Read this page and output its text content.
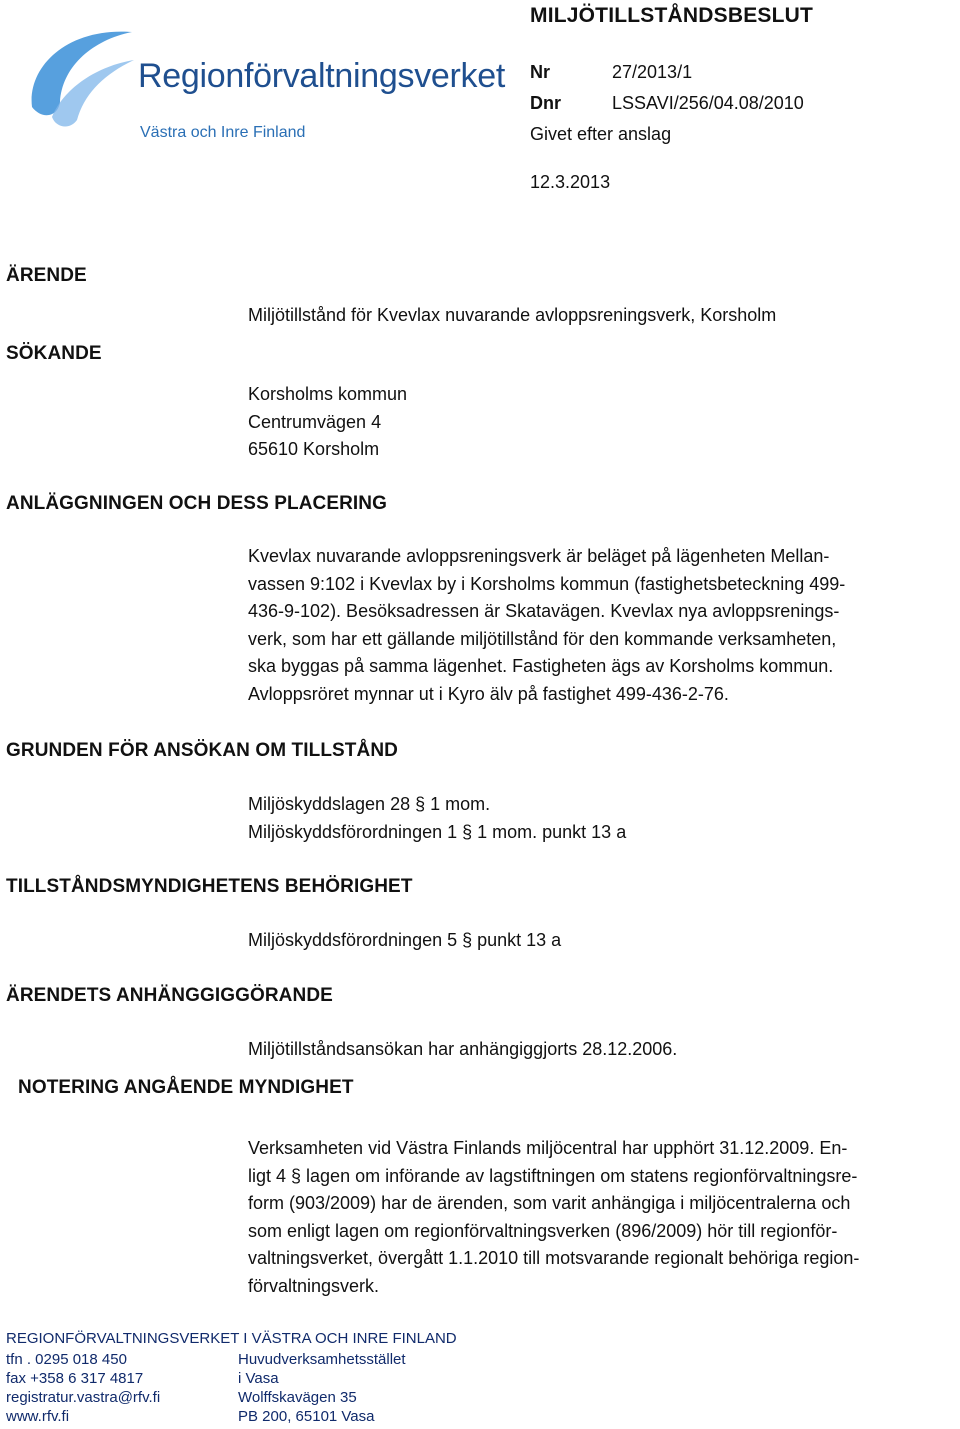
Regionförvaltningsverket
Västra och Inre Finland
MILJÖTILLSTÅNDSBESLUT
Nr	27/2013/1
Dnr	LSSAVI/256/04.08/2010
Givet efter anslag
12.3.2013
ÄRENDE
Miljötillstånd för Kvevlax nuvarande avloppsreningsverk, Korsholm
SÖKANDE
Korsholms kommun
Centrumvägen 4
65610 Korsholm
ANLÄGGNINGEN OCH DESS PLACERING
Kvevlax nuvarande avloppsreningsverk är beläget på lägenheten Mellan-
vassen 9:102 i Kvevlax by i Korsholms kommun (fastighetsbeteckning 499-
436-9-102). Besöksadressen är Skatavägen. Kvevlax nya avloppsrenings-
verk, som har ett gällande miljötillstånd för den kommande verksamheten,
ska byggas på samma lägenhet. Fastigheten ägs av Korsholms kommun.
Avloppsröret mynnar ut i Kyro älv på fastighet 499-436-2-76.
GRUNDEN FÖR ANSÖKAN OM TILLSTÅND
Miljöskyddslagen 28 § 1 mom.
Miljöskyddsförordningen 1 § 1 mom. punkt 13 a
TILLSTÅNDSMYNDIGHETENS BEHÖRIGHET
Miljöskyddsförordningen 5 § punkt 13 a
ÄRENDETS ANHÄNGGIGGÖRANDE
Miljötillståndsansökan har anhängiggjorts 28.12.2006.
NOTERING ANGÅENDE MYNDIGHET
Verksamheten vid Västra Finlands miljöcentral har upphört 31.12.2009. En-
ligt 4 § lagen om införande av lagstiftningen om statens regionförvaltningsre-
form (903/2009) har de ärenden, som varit anhängiga i miljöcentralerna och
som enligt lagen om regionförvaltningsverken (896/2009) hör till regionför-
valtningsverket, övergått 1.1.2010 till motsvarande regionalt behöriga region-
förvaltningsverk.
REGIONFÖRVALTNINGSVERKET I VÄSTRA OCH INRE FINLAND
tfn . 0295 018 450
fax +358 6 317 4817
registratur.vastra@rfv.fi
www.rfv.fi
Huvudverksamhetsstället
i Vasa
Wolffskavägen 35
PB 200, 65101 Vasa
